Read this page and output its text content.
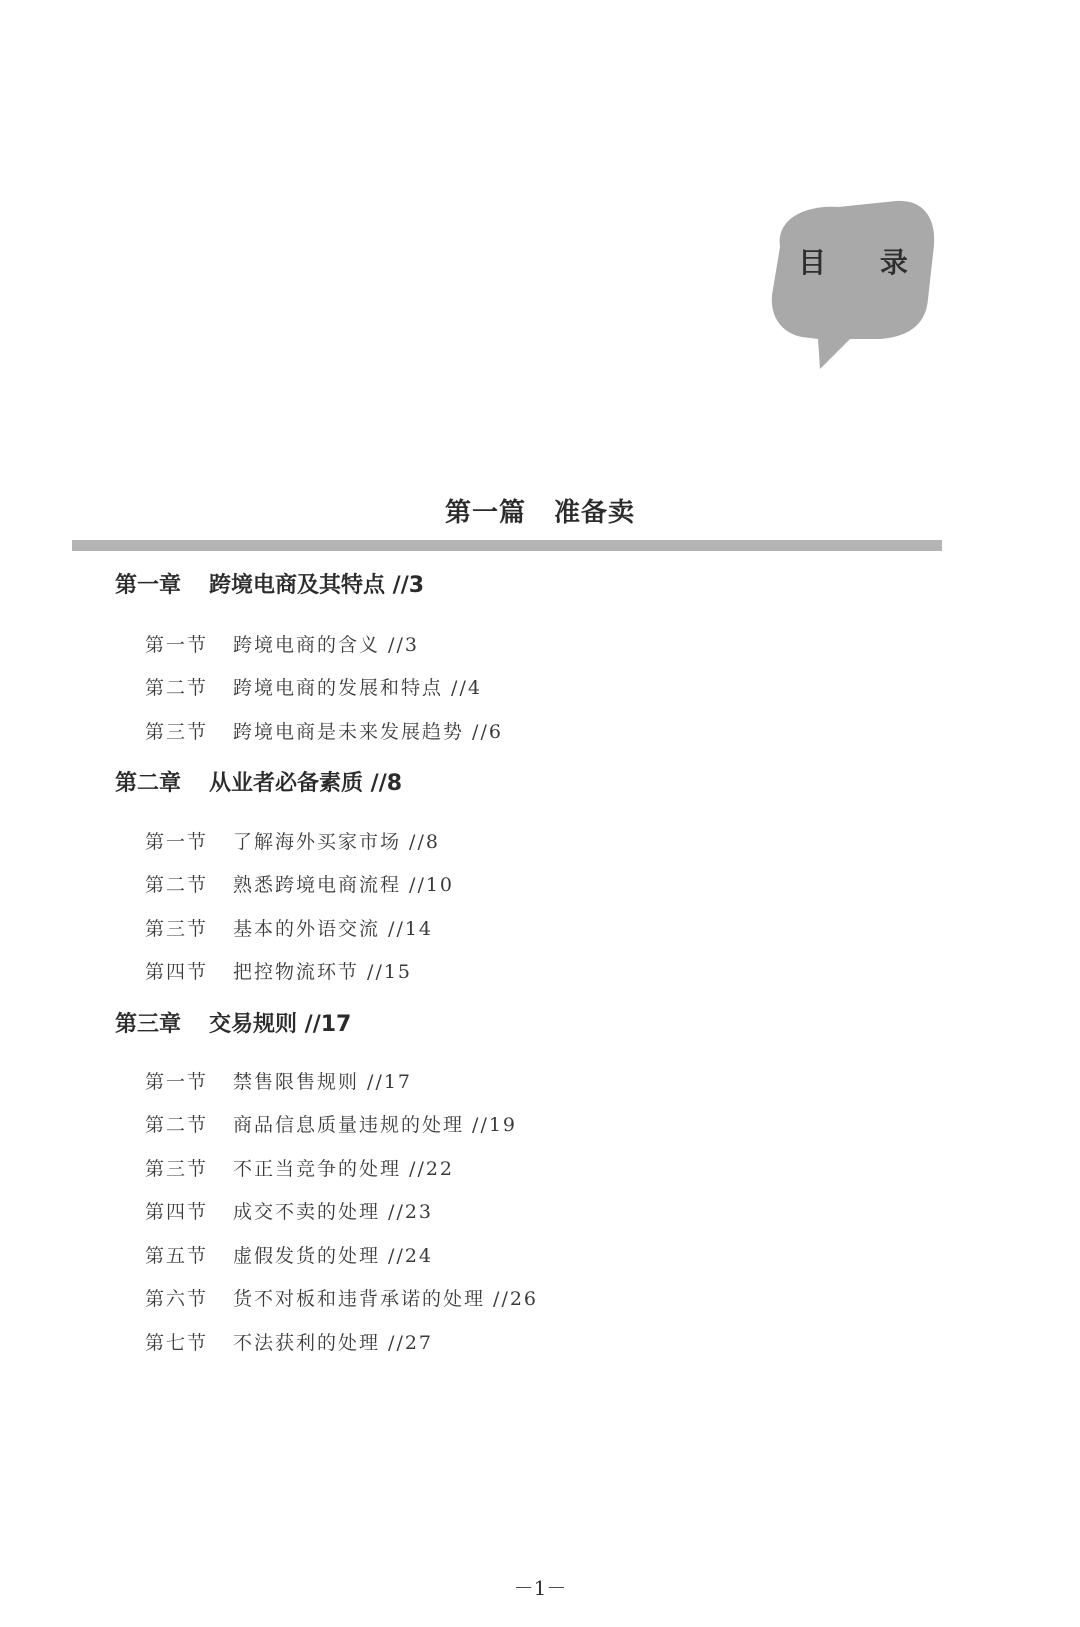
目 录
第一篇 准备卖
第一章 跨境电商及其特点 //3
第一节 跨境电商的含义 //3
第二节 跨境电商的发展和特点 //4
第三节 跨境电商是未来发展趋势 //6
第二章 从业者必备素质 //8
第一节 了解海外买家市场 //8
第二节 熟悉跨境电商流程 //10
第三节 基本的外语交流 //14
第四节 把控物流环节 //15
第三章 交易规则 //17
第一节 禁售限售规则 //17
第二节 商品信息质量违规的处理 //19
第三节 不正当竞争的处理 //22
第四节 成交不卖的处理 //23
第五节 虚假发货的处理 //24
第六节 货不对板和违背承诺的处理 //26
第七节 不法获利的处理 //27
－1－
